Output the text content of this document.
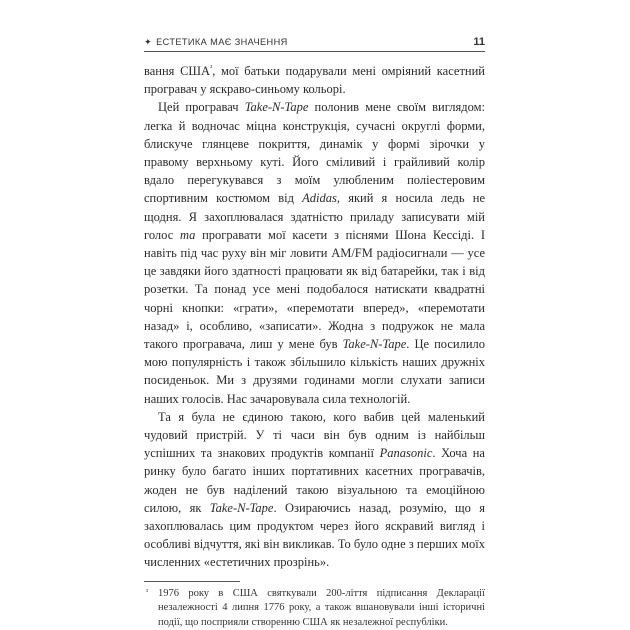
✦ ЕСТЕТИКА МАЄ ЗНАЧЕННЯ	11

вання $США^{^3}$, мої батьки подарували мені омріяний касетний програвач у яскраво-синьому кольорі.

Цей програвач Take-N-Tape полонив мене своїм виглядом: легка й водночас міцна конструкція, сучасні округлі форми, блискуче глянцеве покриття, динамік у формі зірочки у правому верхньому куті. Його сміливий і грайливий колір вдало перегукувався з моїм улюбленим поліестеровим спортивним костюмом від Adidas, який я носила ледь не щодня. Я захоплювалася здатністю приладу записувати мій голос та програвати мої касети з піснями Шона Кессіді. І навіть під час руху він міг ловити AM/FM радіосигнали — усе це завдяки його здатності працювати як від батарейки, так і від розетки. Та понад усе мені подобалося натискати квадратні чорні кнопки: «грати», «перемотати вперед», «перемотати назад» і, особливо, «записати». Жодна з подружок не мала такого програвача, лиш у мене був Take-N-Tape. Це посилило мою популярність і також збільшило кількість наших дружніх посиденьок. Ми з друзями годинами могли слухати записи наших голосів. Нас зачаровувала сила технологій.

Та я була не єдиною такою, кого вабив цей маленький чудовий пристрій. У ті часи він був одним із найбільш успішних та знакових продуктів компанії Panasonic. Хоча на ринку було багато інших портативних касетних програвачів, жоден не був наділений такою візуальною та емоційною силою, як Take-N-Tape. Озираючись назад, розумію, що я захоплювалась цим продуктом через його яскравий вигляд і особливі відчуття, які він викликав. То було одне з перших моїх численних «естетичних прозрінь».

³ 1976 року в США святкували 200-ліття підписання Декларації незалежності 4 липня 1776 року, а також вшановували інші історичні події, що посприяли створенню США як незалежної республіки.
